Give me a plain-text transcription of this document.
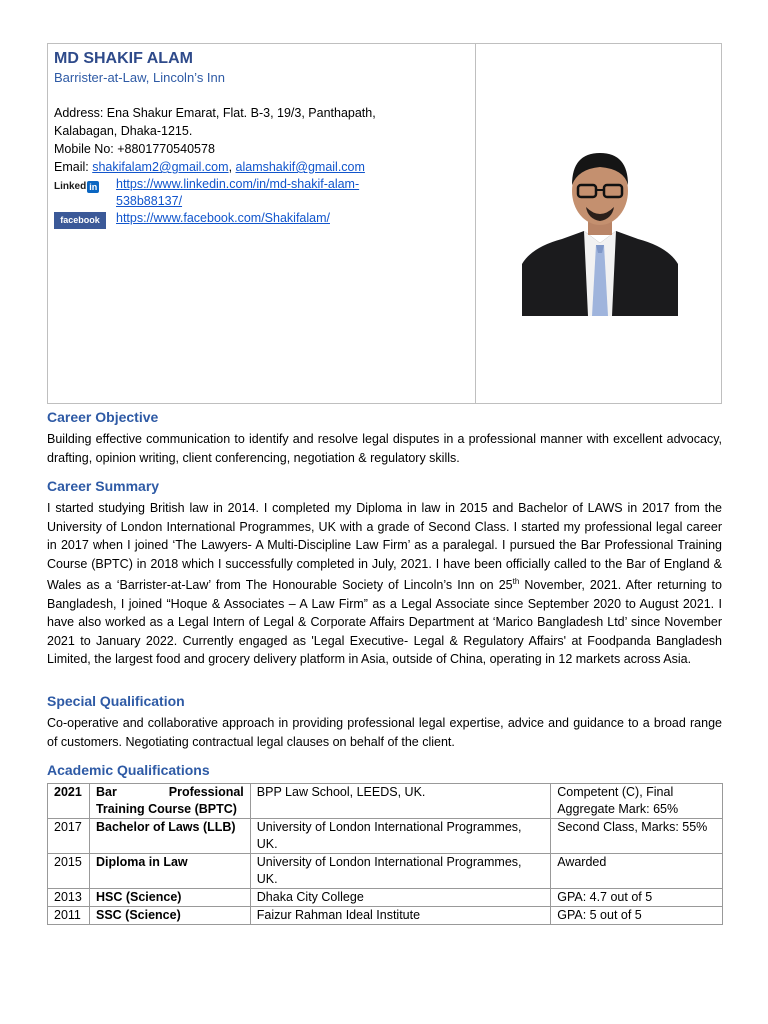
MD SHAKIF ALAM
Barrister-at-Law, Lincoln’s Inn
Address: Ena Shakur Emarat, Flat. B-3, 19/3, Panthapath,
Kalabagan, Dhaka-1215.
Mobile No: +8801770540578
Email: shakifalam2@gmail.com, alamshakif@gmail.com
Linked in https://www.linkedin.com/in/md-shakif-alam-
538b88137/
facebook	https://www.facebook.com/Shakifalam/
Career Objective
Building effective communication to identify and resolve legal disputes in a professional manner with excellent advocacy, drafting, opinion writing, client conferencing, negotiation & regulatory skills.
Career Summary
I started studying British law in 2014. I completed my Diploma in law in 2015 and Bachelor of LAWS in 2017 from the University of London International Programmes, UK with a grade of Second Class. I started my professional legal career in 2017 when I joined ‘The Lawyers- A Multi-Discipline Law Firm’ as a paralegal. I pursued the Bar Professional Training Course (BPTC) in 2018 which I successfully completed in July, 2021. I have been officially called to the Bar of England & Wales as a ‘Barrister-at-Law’ from The Honourable Society of Lincoln’s Inn on 25th November, 2021. After returning to Bangladesh, I joined “Hoque & Associates – A Law Firm” as a Legal Associate since September 2020 to August 2021. I have also worked as a Legal Intern of Legal & Corporate Affairs Department at ‘Marico Bangladesh Ltd’ since November 2021 to January 2022. Currently engaged as 'Legal Executive- Legal & Regulatory Affairs' at Foodpanda Bangladesh Limited, the largest food and grocery delivery platform in Asia, outside of China, operating in 12 markets across Asia.
Special Qualification
Co-operative and collaborative approach in providing professional legal expertise, advice and guidance to a broad range of customers. Negotiating contractual legal clauses on behalf of the client.
Academic Qualifications
2021	Bar Professional Training Course (BPTC)	BPP Law School, LEEDS, UK.	Competent (C), Final Aggregate Mark: 65%
2017	Bachelor of Laws (LLB)	University of London International Programmes, UK.	Second Class, Marks: 55%
2015	Diploma in Law	University of London International Programmes, UK.	Awarded
2013	HSC (Science)	Dhaka City College	GPA: 4.7 out of 5
2011	SSC (Science)	Faizur Rahman Ideal Institute	GPA: 5 out of 5
